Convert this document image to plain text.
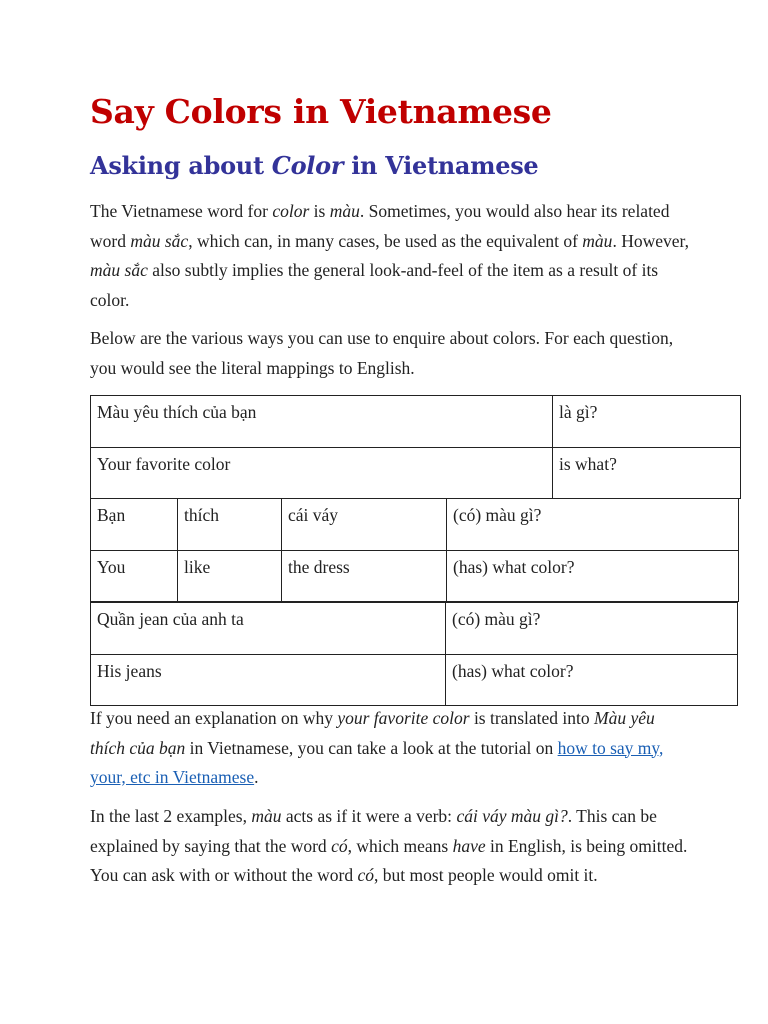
Say Colors in Vietnamese
Asking about Color in Vietnamese

The Vietnamese word for color is màu. Sometimes, you would also hear its related word màu sắc, which can, in many cases, be used as the equivalent of màu. However, màu sắc also subtly implies the general look-and-feel of the item as a result of its color.

Below are the various ways you can use to enquire about colors. For each question, you would see the literal mappings to English.

Màu yêu thích của bạn	là gì?
Your favorite color	is what?
Bạn	thích	cái váy	(có) màu gì?
You	like	the dress	(has) what color?
Quần jean của anh ta	(có) màu gì?
His jeans	(has) what color?

If you need an explanation on why your favorite color is translated into Màu yêu thích của bạn in Vietnamese, you can take a look at the tutorial on how to say my, your, etc in Vietnamese.

In the last 2 examples, màu acts as if it were a verb: cái váy màu gì?. This can be explained by saying that the word có, which means have in English, is being omitted. You can ask with or without the word có, but most people would omit it.
